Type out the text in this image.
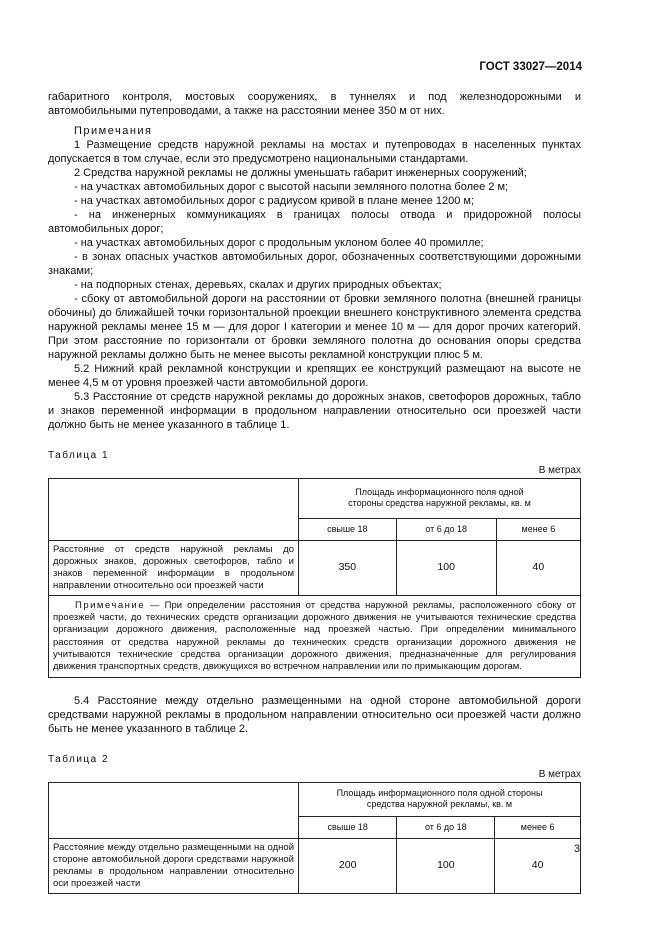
ГОСТ 33027—2014

габаритного контроля, мостовых сооружениях, в туннелях и под железнодорожными и автомобильными путепроводами, а также на расстоянии менее 350 м от них.

Примечания

1 Размещение средств наружной рекламы на мостах и путепроводах в населенных пунктах допускается в том случае, если это предусмотрено национальными стандартами.

2 Средства наружной рекламы не должны уменьшать габарит инженерных сооружений;

- на участках автомобильных дорог с высотой насыпи земляного полотна более 2 м;

- на участках автомобильных дорог с радиусом кривой в плане менее 1200 м;

- на инженерных коммуникациях в границах полосы отвода и придорожной полосы автомобильных дорог;

- на участках автомобильных дорог с продольным уклоном более 40 промилле;

- в зонах опасных участков автомобильных дорог, обозначенных соответствующими дорожными знаками;

- на подпорных стенах, деревьях, скалах и других природных объектах;

- сбоку от автомобильной дороги на расстоянии от бровки земляного полотна (внешней границы обочины) до ближайшей точки горизонтальной проекции внешнего конструктивного элемента средства наружной рекламы менее 15 м — для дорог I категории и менее 10 м — для дорог прочих категорий. При этом расстояние по горизонтали от бровки земляного полотна до основания опоры средства наружной рекламы должно быть не менее высоты рекламной конструкции плюс 5 м.

5.2 Нижний край рекламной конструкции и крепящих ее конструкций размещают на высоте не менее 4,5 м от уровня проезжей части автомобильной дороги.

5.3 Расстояние от средств наружной рекламы до дорожных знаков, светофоров дорожных, табло и знаков переменной информации в продольном направлении относительно оси проезжей части должно быть не менее указанного в таблице 1.

Таблица 1
В метрах
	Площадь информационного поля одной стороны средства наружной рекламы, кв. м		
	свыше 18	от 6 до 18	менее 6
Расстояние от средств наружной рекламы до дорожных знаков, дорожных светофоров, табло и знаков переменной информации в продольном направлении относительно оси проезжей части	350	100	40
Примечание — При определении расстояния от средства наружной рекламы, расположенного сбоку от проезжей части, до технических средств организации дорожного движения не учитываются технические средства организации дорожного движения, расположенные над проезжей частью. При определении минимального расстояния от средства наружной рекламы до технических средств организации дорожного движения не учитываются технические средства организации дорожного движения, предназначенные для регулирования движения транспортных средств, движущихся во встречном направлении или по примыкающим дорогам.			

5.4 Расстояние между отдельно размещенными на одной стороне автомобильной дороги средствами наружной рекламы в продольном направлении относительно оси проезжей части должно быть не менее указанного в таблице 2.

Таблица 2
В метрах
	Площадь информационного поля одной стороны средства наружной рекламы, кв. м		
	свыше 18	от 6 до 18	менее 6
Расстояние между отдельно размещенными на одной стороне автомобильной дороги средствами наружной рекламы в продольном направлении относительно оси проезжей части	200	100	40
3
